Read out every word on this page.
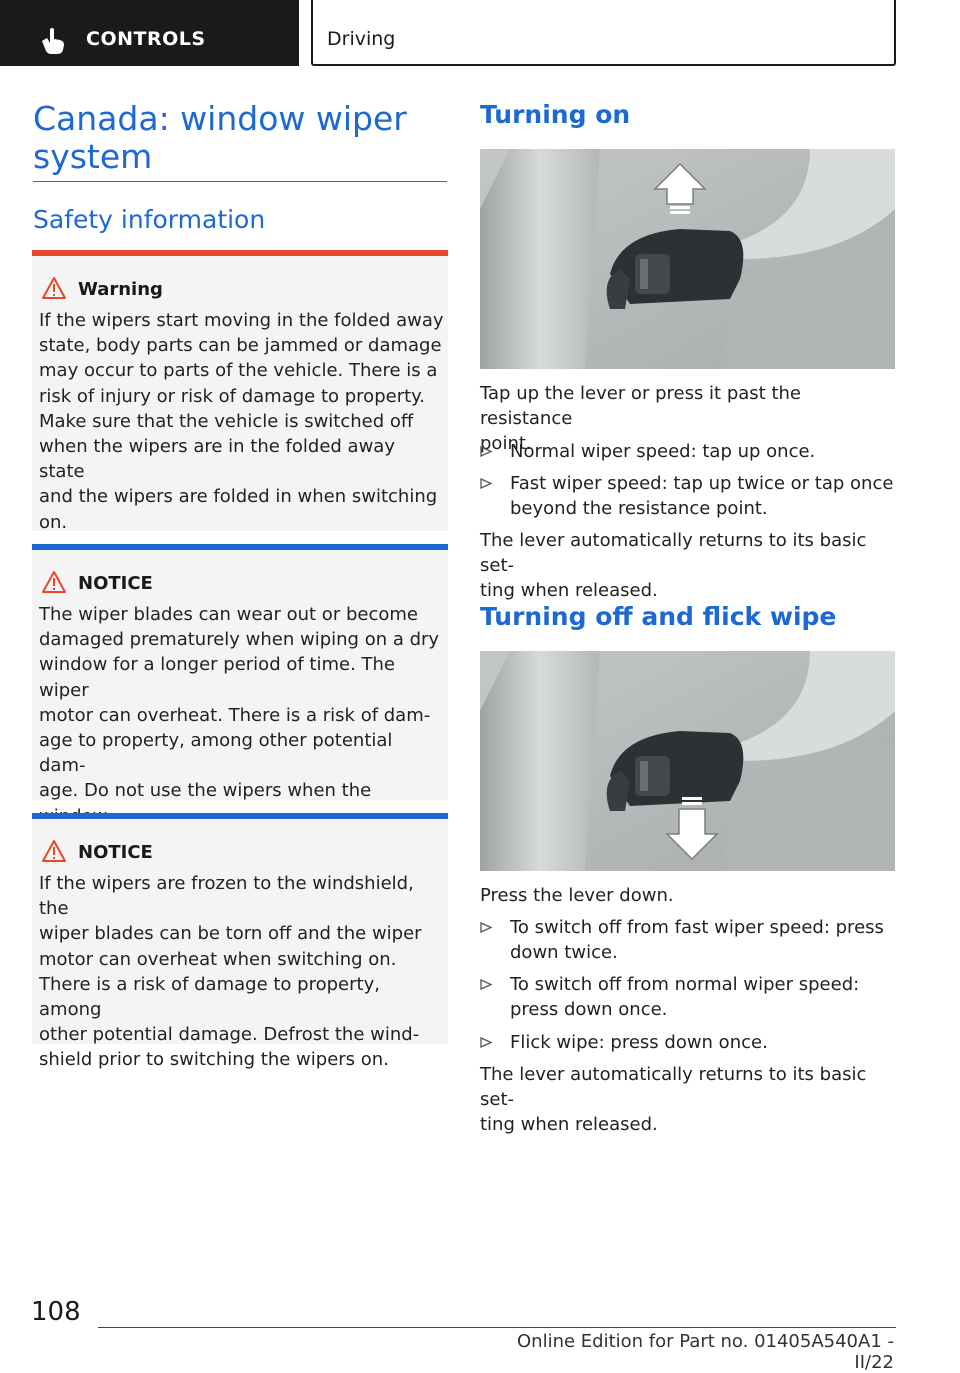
CONTROLS	Driving
Canada: window wiper system
Safety information
Warning
If the wipers start moving in the folded away
state, body parts can be jammed or damage
may occur to parts of the vehicle. There is a
risk of injury or risk of damage to property.
Make sure that the vehicle is switched off
when the wipers are in the folded away state
and the wipers are folded in when switching
on.
NOTICE
The wiper blades can wear out or become
damaged prematurely when wiping on a dry
window for a longer period of time. The wiper
motor can overheat. There is a risk of dam‐
age to property, among other potential dam‐
age. Do not use the wipers when the

NOTICE
If the wipers are frozen to the windshield, the
wiper blades can be torn off and the wiper
motor can overheat when switching on.
There is a risk of damage to property, among
other potential damage. Defrost the wind‐
shield prior to switching the wipers on.
Turning on
Tap up the lever or press it past the resistance
point.
Normal wiper speed: tap up once.
Fast wiper speed: tap up twice or tap once
beyond the resistance point.
The lever automatically returns to its basic set‐
ting when released.
Turning off and flick wipe
Press the lever down.
To switch off from fast wiper speed: press
down twice.
To switch off from normal wiper speed:
press down once.
Flick wipe: press down once.
The lever automatically returns to its basic set‐
ting when released.
108
Online Edition for Part no. 01405A540A1 - II/22
